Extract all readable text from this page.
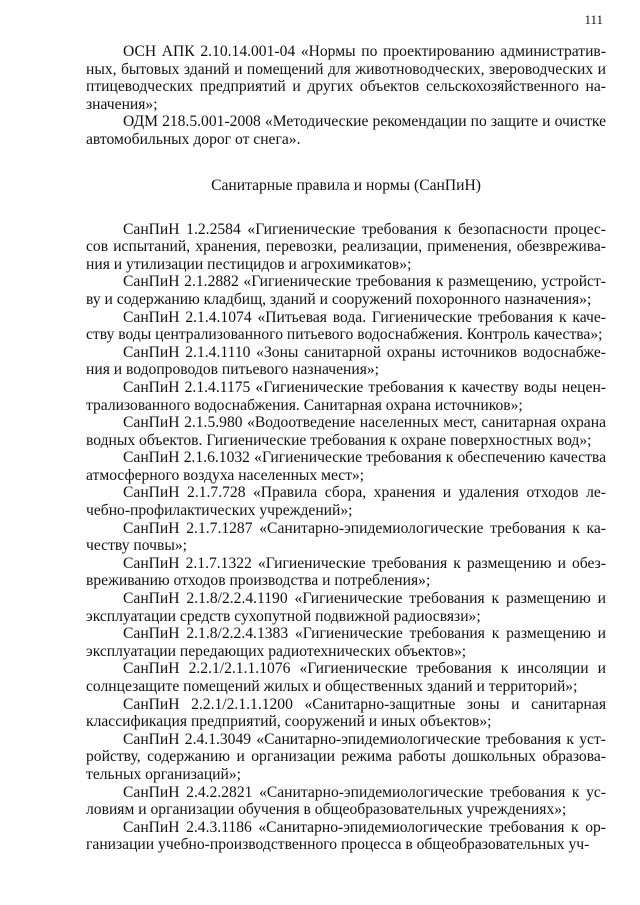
111

ОСН АПК 2.10.14.001-04 «Нормы по проектированию административных, бытовых зданий и помещений для животноводческих, звероводческих и птицеводческих предприятий и других объектов сельскохозяйственного назначения»;

ОДМ 218.5.001-2008 «Методические рекомендации по защите и очистке автомобильных дорог от снега».

Санитарные правила и нормы (СанПиН)

СанПиН 1.2.2584 «Гигиенические требования к безопасности процессов испытаний, хранения, перевозки, реализации, применения, обезвреживания и утилизации пестицидов и агрохимикатов»;

СанПиН 2.1.2882 «Гигиенические требования к размещению, устройству и содержанию кладбищ, зданий и сооружений похоронного назначения»;

СанПиН 2.1.4.1074 «Питьевая вода. Гигиенические требования к качеству воды централизованного питьевого водоснабжения. Контроль качества»;

СанПиН 2.1.4.1110 «Зоны санитарной охраны источников водоснабжения и водопроводов питьевого назначения»;

СанПиН 2.1.4.1175 «Гигиенические требования к качеству воды нецентрализованного водоснабжения. Санитарная охрана источников»;

СанПиН 2.1.5.980 «Водоотведение населенных мест, санитарная охрана водных объектов. Гигиенические требования к охране поверхностных вод»;

СанПиН 2.1.6.1032 «Гигиенические требования к обеспечению качества атмосферного воздуха населенных мест»;

СанПиН 2.1.7.728 «Правила сбора, хранения и удаления отходов лечебно-профилактических учреждений»;

СанПиН 2.1.7.1287 «Санитарно-эпидемиологические требования к качеству почвы»;

СанПиН 2.1.7.1322 «Гигиенические требования к размещению и обезвреживанию отходов производства и потребления»;

СанПиН 2.1.8/2.2.4.1190 «Гигиенические требования к размещению и эксплуатации средств сухопутной подвижной радиосвязи»;

СанПиН 2.1.8/2.2.4.1383 «Гигиенические требования к размещению и эксплуатации передающих радиотехнических объектов»;

СанПиН 2.2.1/2.1.1.1076 «Гигиенические требования к инсоляции и солнцезащите помещений жилых и общественных зданий и территорий»;

СанПиН 2.2.1/2.1.1.1200 «Санитарно-защитные зоны и санитарная классификация предприятий, сооружений и иных объектов»;

СанПиН 2.4.1.3049 «Санитарно-эпидемиологические требования к устройству, содержанию и организации режима работы дошкольных образовательных организаций»;

СанПиН 2.4.2.2821 «Санитарно-эпидемиологические требования к условиям и организации обучения в общеобразовательных учреждениях»;

СанПиН 2.4.3.1186 «Санитарно-эпидемиологические требования к организации учебно-производственного процесса в общеобразовательных уч-
